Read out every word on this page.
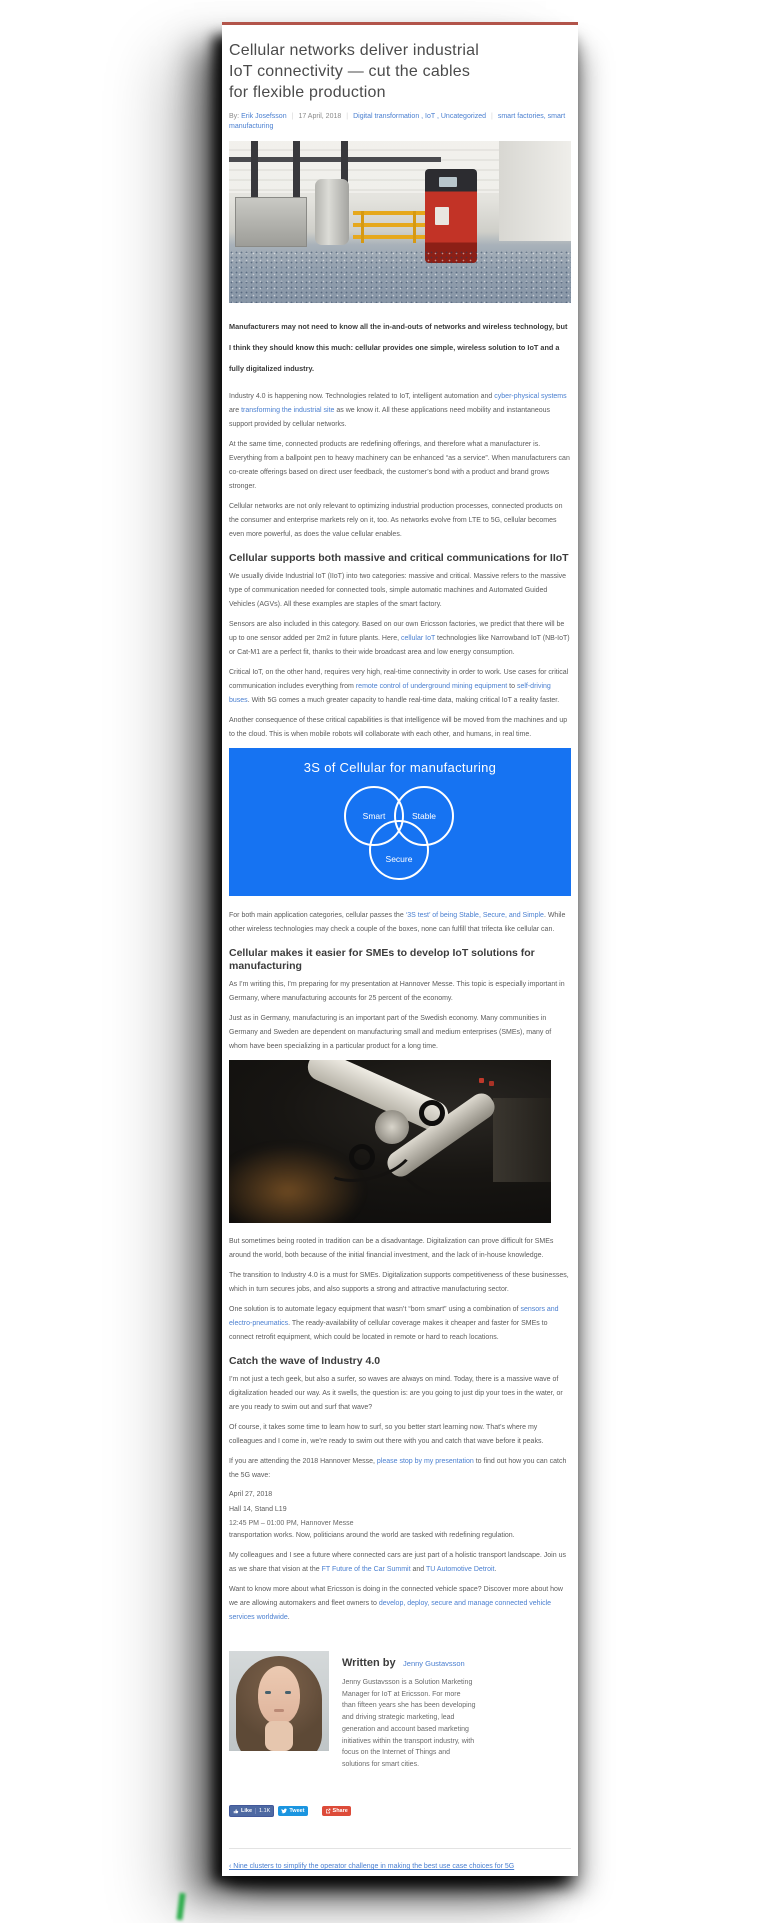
Cellular networks deliver industrial
IoT connectivity — cut the cables
for flexible production
By: Erik Josefsson | 17 April, 2018 | Digital transformation , IoT , Uncategorized | smart factories, smart manufacturing

Manufacturers may not need to know all the in-and-outs of networks and wireless technology, but I think they should know this much: cellular provides one simple, wireless solution to IoT and a fully digitalized industry.

Industry 4.0 is happening now. Technologies related to IoT, intelligent automation and cyber-physical systems are transforming the industrial site as we know it. All these applications need mobility and instantaneous support provided by cellular networks.

At the same time, connected products are redefining offerings, and therefore what a manufacturer is. Everything from a ballpoint pen to heavy machinery can be enhanced “as a service”. When manufacturers can co-create offerings based on direct user feedback, the customer’s bond with a product and brand grows stronger.

Cellular networks are not only relevant to optimizing industrial production processes, connected products on the consumer and enterprise markets rely on it, too. As networks evolve from LTE to 5G, cellular becomes even more powerful, as does the value cellular enables.

Cellular supports both massive and critical communications for IIoT

We usually divide Industrial IoT (IIoT) into two categories: massive and critical. Massive refers to the massive type of communication needed for connected tools, simple automatic machines and Automated Guided Vehicles (AGVs). All these examples are staples of the smart factory.

Sensors are also included in this category. Based on our own Ericsson factories, we predict that there will be up to one sensor added per 2m2 in future plants. Here, cellular IoT technologies like Narrowband IoT (NB-IoT) or Cat-M1 are a perfect fit, thanks to their wide broadcast area and low energy consumption.

Critical IoT, on the other hand, requires very high, real-time connectivity in order to work. Use cases for critical communication includes everything from remote control of underground mining equipment to self-driving buses. With 5G comes a much greater capacity to handle real-time data, making critical IoT a reality faster.

Another consequence of these critical capabilities is that intelligence will be moved from the machines and up to the cloud. This is when mobile robots will collaborate with each other, and humans, in real time.

3S of Cellular for manufacturing
Smart	Stable
Secure

For both main application categories, cellular passes the ‘3S test’ of being Stable, Secure, and Simple. While other wireless technologies may check a couple of the boxes, none can fulfill that trifecta like cellular can.

Cellular makes it easier for SMEs to develop IoT solutions for manufacturing

As I’m writing this, I’m preparing for my presentation at Hannover Messe. This topic is especially important in Germany, where manufacturing accounts for 25 percent of the economy.

Just as in Germany, manufacturing is an important part of the Swedish economy. Many communities in Germany and Sweden are dependent on manufacturing small and medium enterprises (SMEs), many of whom have been specializing in a particular product for a long time.

But sometimes being rooted in tradition can be a disadvantage. Digitalization can prove difficult for SMEs around the world, both because of the initial financial investment, and the lack of in-house knowledge.

The transition to Industry 4.0 is a must for SMEs. Digitalization supports competitiveness of these businesses, which in turn secures jobs, and also supports a strong and attractive manufacturing sector.

One solution is to automate legacy equipment that wasn’t “born smart” using a combination of sensors and electro-pneumatics. The ready-availability of cellular coverage makes it cheaper and faster for SMEs to connect retrofit equipment, which could be located in remote or hard to reach locations.

Catch the wave of Industry 4.0

I’m not just a tech geek, but also a surfer, so waves are always on mind. Today, there is a massive wave of digitalization headed our way. As it swells, the question is: are you going to just dip your toes in the water, or are you ready to swim out and surf that wave?

Of course, it takes some time to learn how to surf, so you better start learning now. That’s where my colleagues and I come in, we’re ready to swim out there with you and catch that wave before it peaks.

If you are attending the 2018 Hannover Messe, please stop by my presentation to find out how you can catch the 5G wave:

April 27, 2018

Hall 14, Stand L19

12:45 PM – 01:00 PM, Hannover Messe

transportation works. Now, politicians around the world are tasked with redefining regulation.

My colleagues and I see a future where connected cars are just part of a holistic transport landscape. Join us as we share that vision at the FT Future of the Car Summit and TU Automotive Detroit.

Want to know more about what Ericsson is doing in the connected vehicle space? Discover more about how we are allowing automakers and fleet owners to develop, deploy, secure and manage connected vehicle services worldwide.

Written by Jenny Gustavsson

Jenny Gustavsson is a Solution Marketing Manager for IoT at Ericsson. For more than fifteen years she has been developing and driving strategic marketing, lead generation and account based marketing initiatives within the transport industry, with focus on the Internet of Things and solutions for smart cities.

Like	1.1K	Tweet	Share
‹ Nine clusters to simplify the operator challenge in making the best use case choices for 5G
